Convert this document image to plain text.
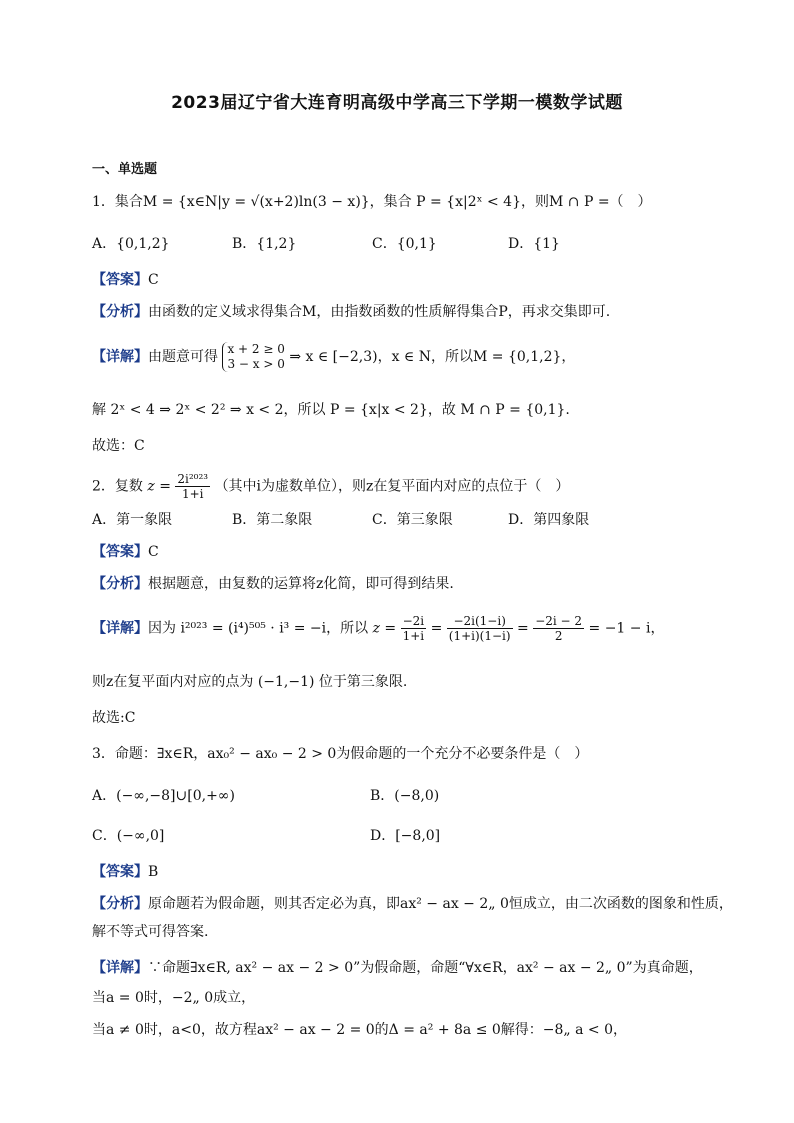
2023届辽宁省大连育明高级中学高三下学期一模数学试题
一、单选题
1．集合M = {x∈N|y = √(x+2)ln(3 − x)}，集合 P = {x|2ˣ < 4}，则M ∩ P =（　）
A．{0,1,2}	B．{1,2}	C．{0,1}	D．{1}
【答案】C
【分析】由函数的定义域求得集合M，由指数函数的性质解得集合P，再求交集即可.
【详解】由题意可得 x + 2 ≥ 0
3 − x > 0 ⇒ x ∈ [−2,3)，x ∈ N，所以M = {0,1,2}，
解 2ˣ < 4 ⇒ 2ˣ < 2² ⇒ x < 2，所以 P = {x|x < 2}，故 M ∩ P = {0,1}.
故选：C
2．复数 $z = \frac{\text{2i²⁰²³}}{1+i}$ （其中i为虚数单位），则z在复平面内对应的点位于（　）
A．第一象限	B．第二象限	C．第三象限	D．第四象限
【答案】C
【分析】根据题意，由复数的运算将z化简，即可得到结果.
【详解】因为 i²⁰²³ = (i⁴)⁵⁰⁵ · i³ = −i，所以 $z = \frac{-2i}{1+i} = \frac{-2i(1-i)}{(1+i)(1-i)} = \frac{-2i - 2}{2} = -1 - i$，
则z在复平面内对应的点为 (−1,−1) 位于第三象限.
故选:C
3．命题：∃x∈R，ax₀² − ax₀ − 2 > 0为假命题的一个充分不必要条件是（　）
A．(−∞,−8]∪[0,+∞)	B．(−8,0)
C．(−∞,0]	D．[−8,0]
【答案】B
【分析】原命题若为假命题，则其否定必为真，即ax² − ax − 2„ 0恒成立，由二次函数的图象和性质，
解不等式可得答案.
【详解】∵命题∃x∈R, ax² − ax − 2 > 0”为假命题，命题“∀x∈R，ax² − ax − 2„ 0”为真命题，
当a = 0时，−2„ 0成立，
当a ≠ 0时，a<0，故方程ax² − ax − 2 = 0的Δ = a² + 8a ≤ 0解得：−8„ a < 0，
